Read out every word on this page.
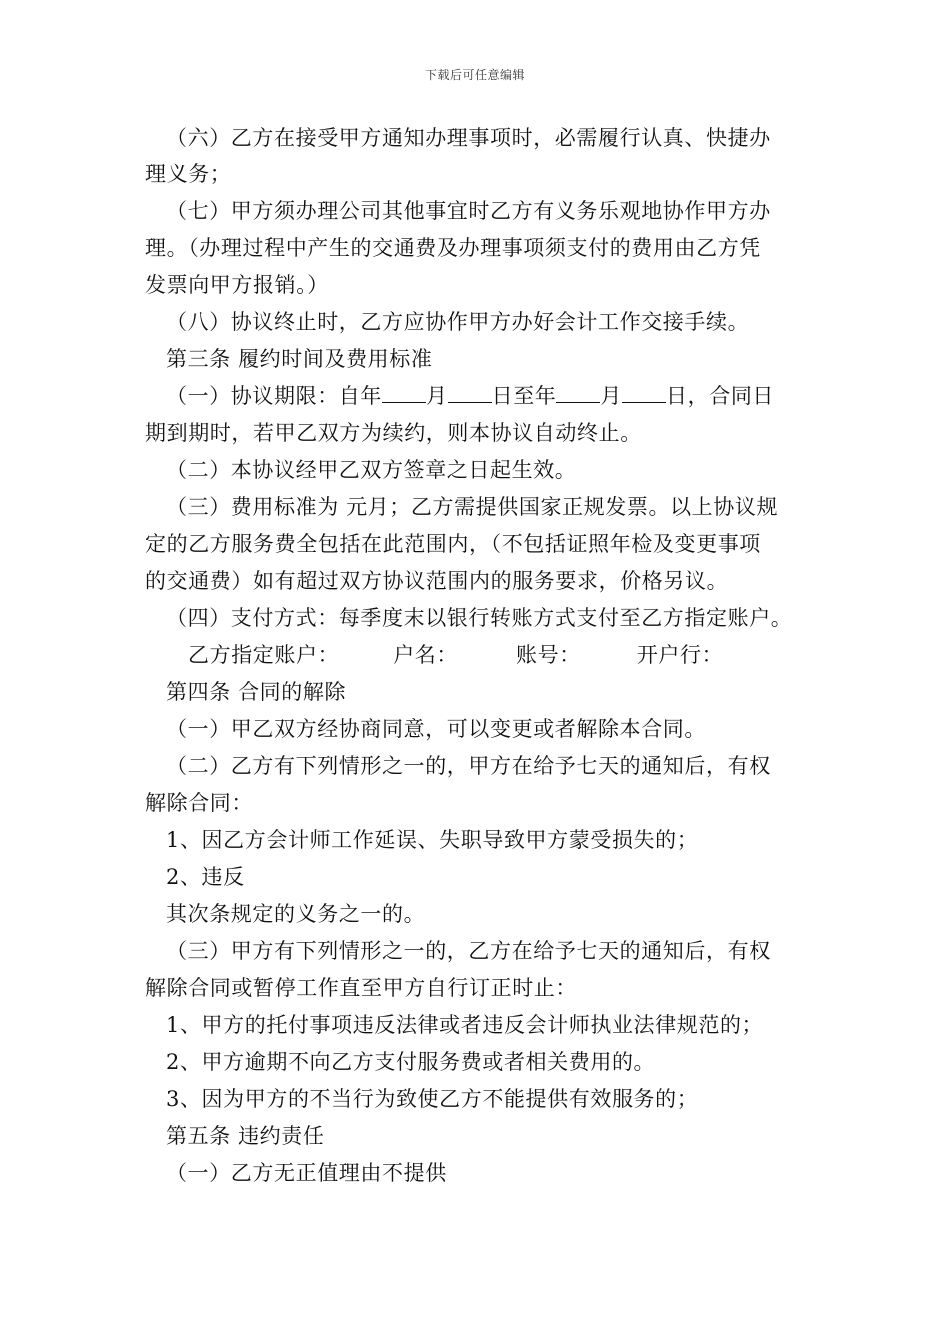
下载后可任意编辑
（六）乙方在接受甲方通知办理事项时，必需履行认真、快捷办
理义务；
（七）甲方须办理公司其他事宜时乙方有义务乐观地协作甲方办
理。（办理过程中产生的交通费及办理事项须支付的费用由乙方凭
发票向甲方报销。）
（八）协议终止时，乙方应协作甲方办好会计工作交接手续。
第三条 履约时间及费用标准
（一）协议期限：自年 月 日至年 月 日，合同日
期到期时，若甲乙双方为续约，则本协议自动终止。
（二）本协议经甲乙双方签章之日起生效。
（三）费用标准为 元月；乙方需提供国家正规发票。以上协议规
定的乙方服务费全包括在此范围内，（不包括证照年检及变更事项
的交通费）如有超过双方协议范围内的服务要求，价格另议。
（四）支付方式：每季度末以银行转账方式支付至乙方指定账户。
乙方指定账户：	户名：	账号：	开户行：
第四条 合同的解除
（一）甲乙双方经协商同意，可以变更或者解除本合同。
（二）乙方有下列情形之一的，甲方在给予七天的通知后，有权
解除合同：
1、因乙方会计师工作延误、失职导致甲方蒙受损失的；
2、违反
其次条规定的义务之一的。
（三）甲方有下列情形之一的，乙方在给予七天的通知后，有权
解除合同或暂停工作直至甲方自行订正时止：
1、甲方的托付事项违反法律或者违反会计师执业法律规范的；
2、甲方逾期不向乙方支付服务费或者相关费用的。
3、因为甲方的不当行为致使乙方不能提供有效服务的；
第五条 违约责任
（一）乙方无正值理由不提供
